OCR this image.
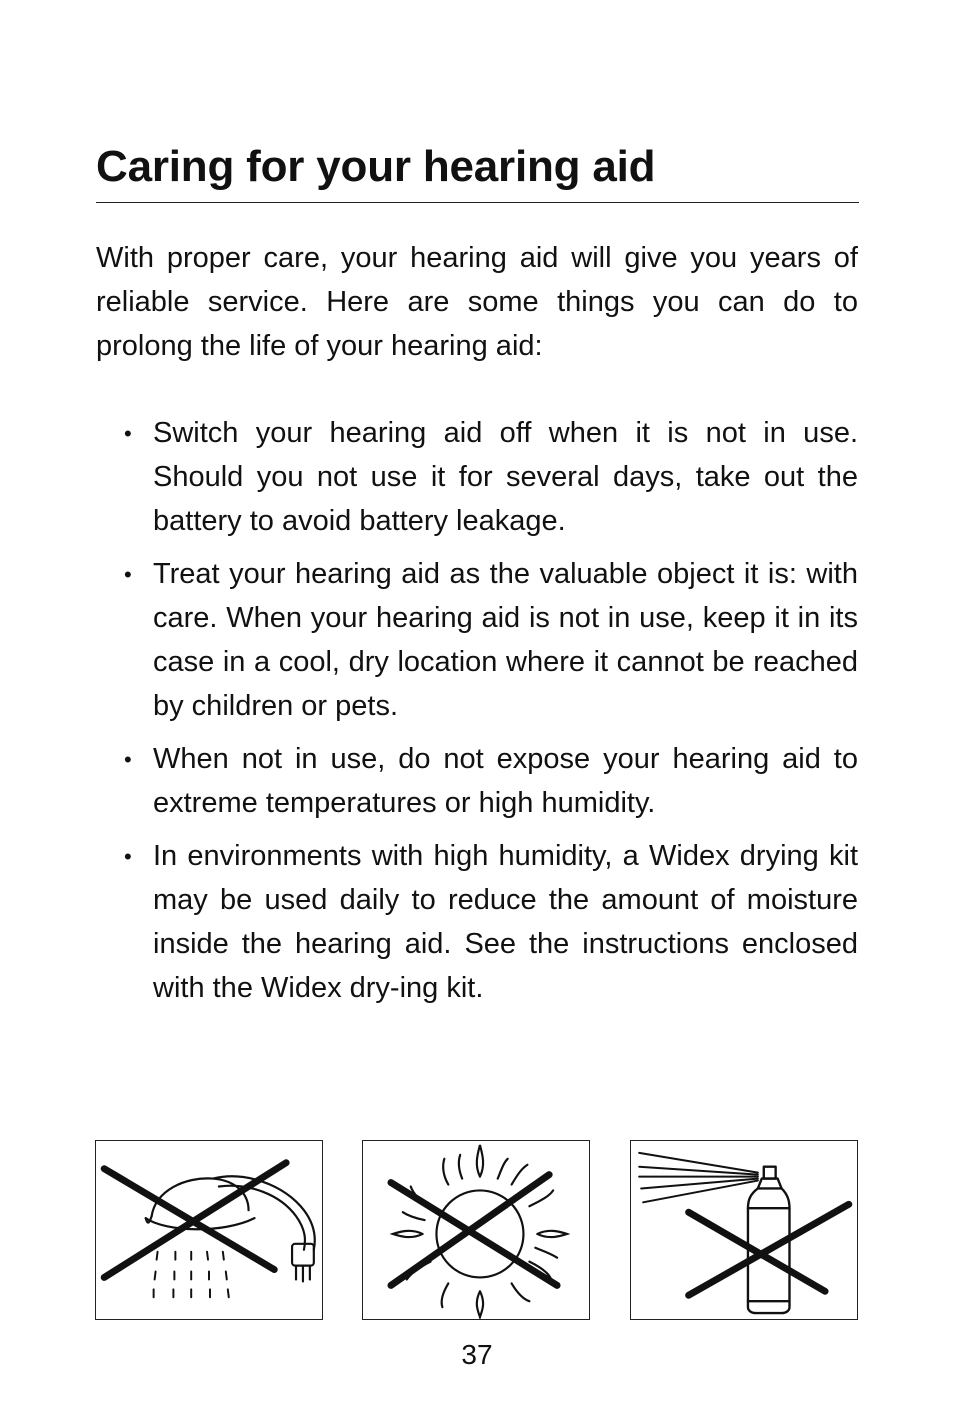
Caring for your hearing aid

With proper care, your hearing aid will give you years of reliable service. Here are some things you can do to prolong the life of your hearing aid:

• Switch your hearing aid off when it is not in use. Should you not use it for several days, take out the battery to avoid battery leakage.
• Treat your hearing aid as the valuable object it is: with care. When your hearing aid is not in use, keep it in its case in a cool, dry location where it cannot be reached by children or pets.
• When not in use, do not expose your hearing aid to extreme temperatures or high humidity.
• In environments with high humidity, a Widex drying kit may be used daily to reduce the amount of moisture inside the hearing aid. See the instructions enclosed with the Widex dry-ing kit.
37
